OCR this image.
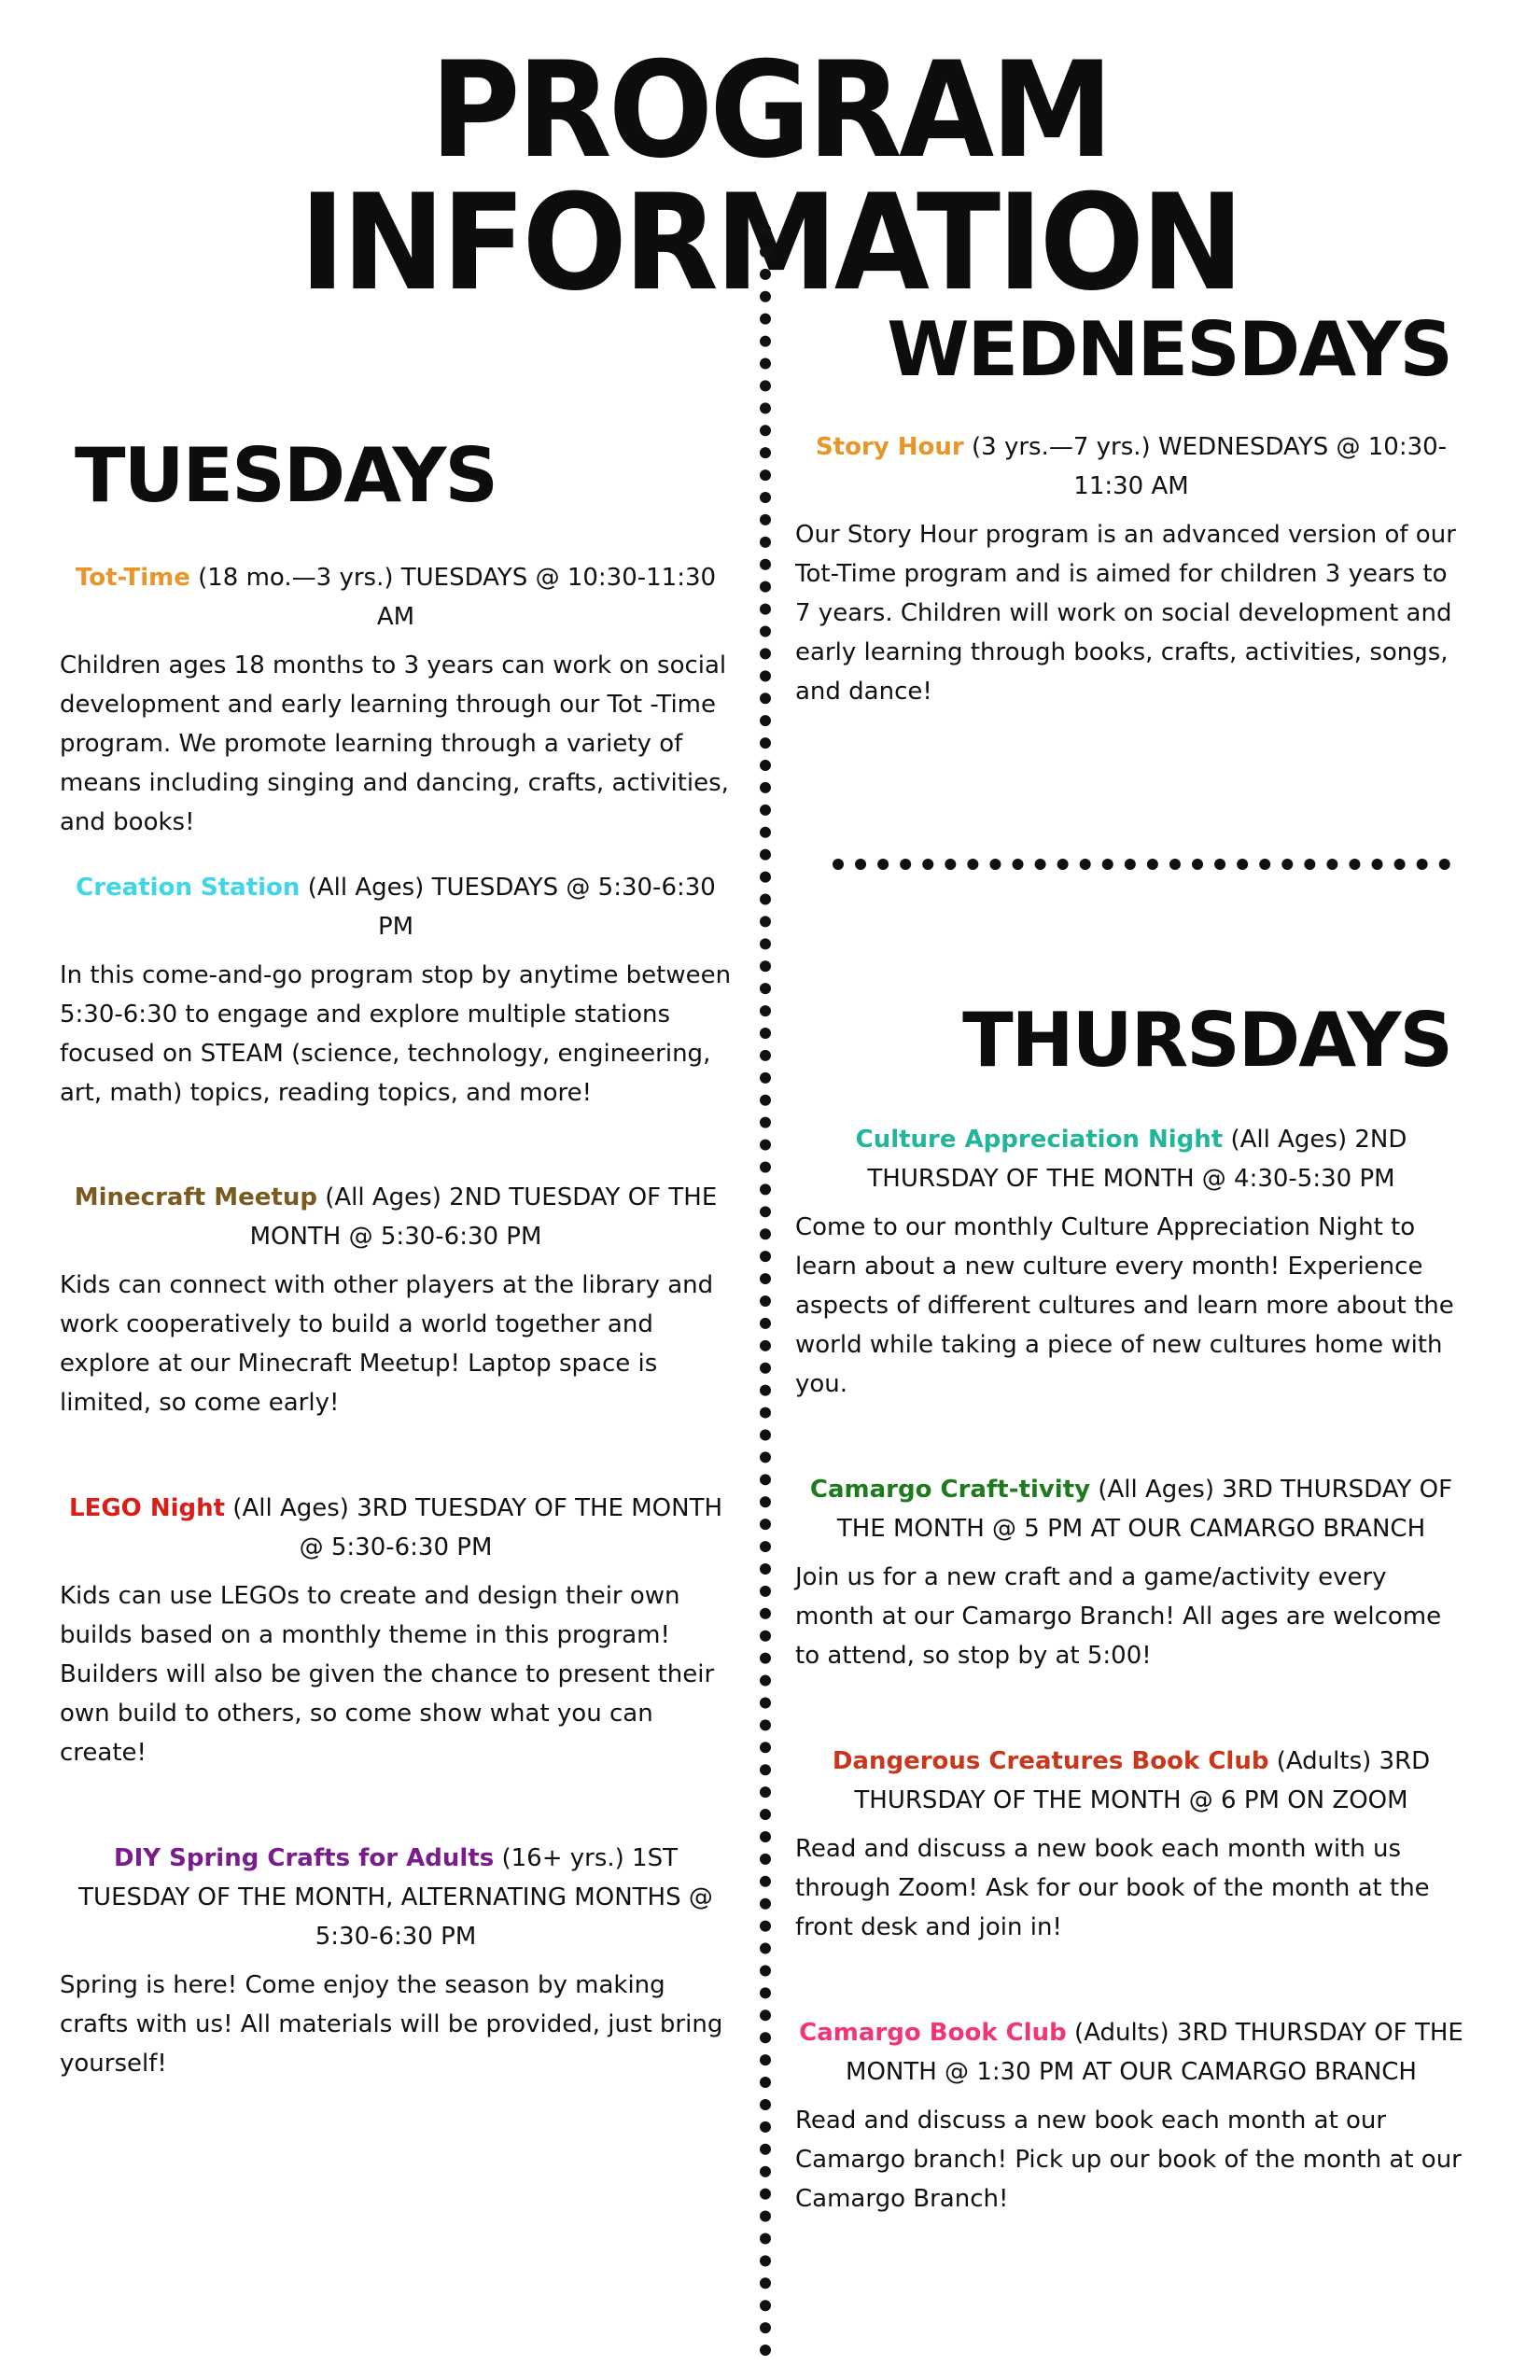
PROGRAM INFORMATION
TUESDAYS

Tot-Time (18 mo.—3 yrs.) TUESDAYS @ 10:30-11:30 AM

Children ages 18 months to 3 years can work on social development and early learning through our Tot -Time program. We promote learning through a variety of means including singing and dancing, crafts, activities, and books!

Creation Station (All Ages) TUESDAYS @ 5:30-6:30 PM

In this come-and-go program stop by anytime between 5:30-6:30 to engage and explore multiple stations focused on STEAM (science, technology, engineering, art, math) topics, reading topics, and more!

Minecraft Meetup (All Ages) 2ND TUESDAY OF THE MONTH @ 5:30-6:30 PM

Kids can connect with other players at the library and work cooperatively to build a world together and explore at our Minecraft Meetup! Laptop space is limited, so come early!

LEGO Night (All Ages) 3RD TUESDAY OF THE MONTH @ 5:30-6:30 PM

Kids can use LEGOs to create and design their own builds based on a monthly theme in this program! Builders will also be given the chance to present their own build to others, so come show what you can create!

DIY Spring Crafts for Adults (16+ yrs.) 1ST TUESDAY OF THE MONTH, ALTERNATING MONTHS @ 5:30-6:30 PM

Spring is here! Come enjoy the season by making crafts with us! All materials will be provided, just bring yourself!

WEDNESDAYS

Story Hour (3 yrs.—7 yrs.) WEDNESDAYS @ 10:30-11:30 AM

Our Story Hour program is an advanced version of our Tot-Time program and is aimed for children 3 years to 7 years. Children will work on social development and early learning through books, crafts, activities, songs, and dance!

THURSDAYS

Culture Appreciation Night (All Ages) 2ND THURSDAY OF THE MONTH @ 4:30-5:30 PM

Come to our monthly Culture Appreciation Night to learn about a new culture every month! Experience aspects of different cultures and learn more about the world while taking a piece of new cultures home with you.

Camargo Craft-tivity (All Ages) 3RD THURSDAY OF THE MONTH @ 5 PM AT OUR CAMARGO BRANCH

Join us for a new craft and a game/activity every month at our Camargo Branch! All ages are welcome to attend, so stop by at 5:00!

Dangerous Creatures Book Club (Adults) 3RD THURSDAY OF THE MONTH @ 6 PM ON ZOOM

Read and discuss a new book each month with us through Zoom! Ask for our book of the month at the front desk and join in!

Camargo Book Club (Adults) 3RD THURSDAY OF THE MONTH @ 1:30 PM AT OUR CAMARGO BRANCH

Read and discuss a new book each month at our Camargo branch! Pick up our book of the month at our Camargo Branch!
